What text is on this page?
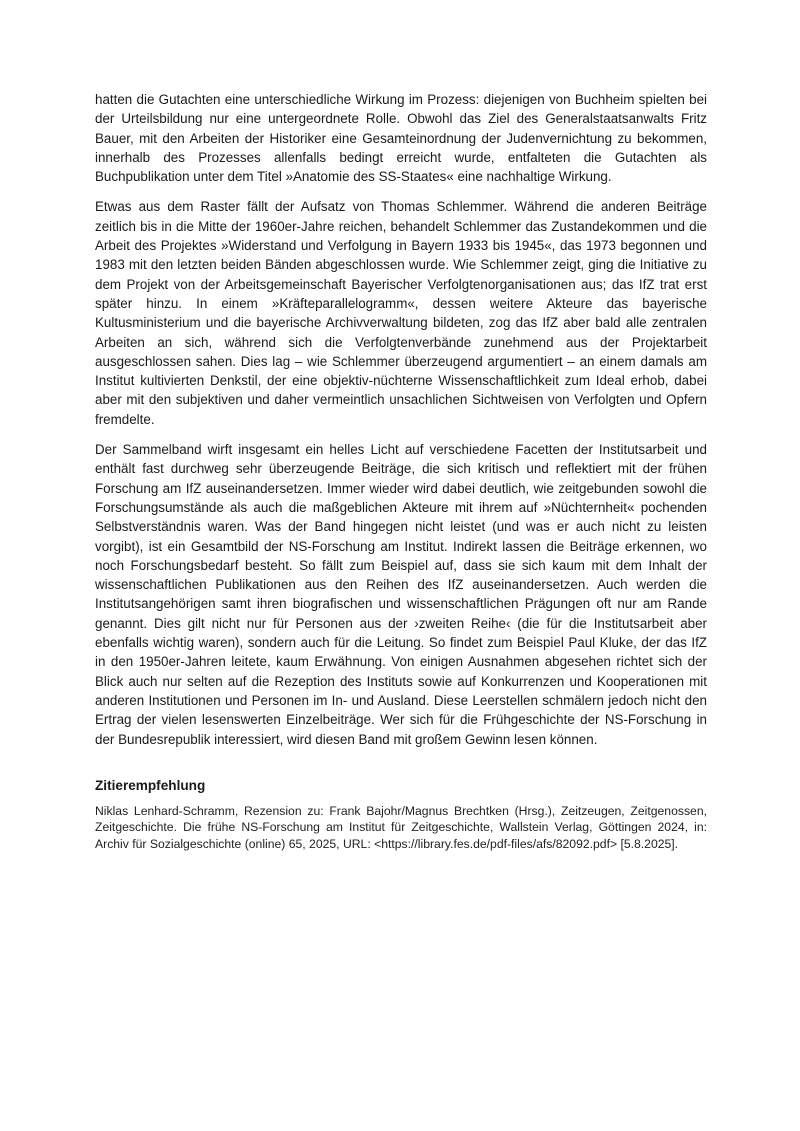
hatten die Gutachten eine unterschiedliche Wirkung im Prozess: diejenigen von Buchheim spielten bei der Urteilsbildung nur eine untergeordnete Rolle. Obwohl das Ziel des Generalstaatsanwalts Fritz Bauer, mit den Arbeiten der Historiker eine Gesamteinordnung der Judenvernichtung zu bekommen, innerhalb des Prozesses allenfalls bedingt erreicht wurde, entfalteten die Gutachten als Buchpublikation unter dem Titel »Anatomie des SS-Staates« eine nachhaltige Wirkung.

Etwas aus dem Raster fällt der Aufsatz von Thomas Schlemmer. Während die anderen Beiträge zeitlich bis in die Mitte der 1960er-Jahre reichen, behandelt Schlemmer das Zustandekommen und die Arbeit des Projektes »Widerstand und Verfolgung in Bayern 1933 bis 1945«, das 1973 begonnen und 1983 mit den letzten beiden Bänden abgeschlossen wurde. Wie Schlemmer zeigt, ging die Initiative zu dem Projekt von der Arbeitsgemeinschaft Bayerischer Verfolgtenorganisationen aus; das IfZ trat erst später hinzu. In einem »Kräfteparallelogramm«, dessen weitere Akteure das bayerische Kultusministerium und die bayerische Archivverwaltung bildeten, zog das IfZ aber bald alle zentralen Arbeiten an sich, während sich die Verfolgtenverbände zunehmend aus der Projektarbeit ausgeschlossen sahen. Dies lag – wie Schlemmer überzeugend argumentiert – an einem damals am Institut kultivierten Denkstil, der eine objektiv-nüchterne Wissenschaftlichkeit zum Ideal erhob, dabei aber mit den subjektiven und daher vermeintlich unsachlichen Sichtweisen von Verfolgten und Opfern fremdelte.

Der Sammelband wirft insgesamt ein helles Licht auf verschiedene Facetten der Institutsarbeit und enthält fast durchweg sehr überzeugende Beiträge, die sich kritisch und reflektiert mit der frühen Forschung am IfZ auseinandersetzen. Immer wieder wird dabei deutlich, wie zeitgebunden sowohl die Forschungsumstände als auch die maßgeblichen Akteure mit ihrem auf »Nüchternheit« pochenden Selbstverständnis waren. Was der Band hingegen nicht leistet (und was er auch nicht zu leisten vorgibt), ist ein Gesamtbild der NS-Forschung am Institut. Indirekt lassen die Beiträge erkennen, wo noch Forschungsbedarf besteht. So fällt zum Beispiel auf, dass sie sich kaum mit dem Inhalt der wissenschaftlichen Publikationen aus den Reihen des IfZ auseinandersetzen. Auch werden die Institutsangehörigen samt ihren biografischen und wissenschaftlichen Prägungen oft nur am Rande genannt. Dies gilt nicht nur für Personen aus der ›zweiten Reihe‹ (die für die Institutsarbeit aber ebenfalls wichtig waren), sondern auch für die Leitung. So findet zum Beispiel Paul Kluke, der das IfZ in den 1950er-Jahren leitete, kaum Erwähnung. Von einigen Ausnahmen abgesehen richtet sich der Blick auch nur selten auf die Rezeption des Instituts sowie auf Konkurrenzen und Kooperationen mit anderen Institutionen und Personen im In- und Ausland. Diese Leerstellen schmälern jedoch nicht den Ertrag der vielen lesenswerten Einzelbeiträge. Wer sich für die Frühgeschichte der NS-Forschung in der Bundesrepublik interessiert, wird diesen Band mit großem Gewinn lesen können.

Zitierempfehlung

Niklas Lenhard-Schramm, Rezension zu: Frank Bajohr/Magnus Brechtken (Hrsg.), Zeitzeugen, Zeitgenossen, Zeitgeschichte. Die frühe NS-Forschung am Institut für Zeitgeschichte, Wallstein Verlag, Göttingen 2024, in: Archiv für Sozialgeschichte (online) 65, 2025, URL: <https://library.fes.de/pdf-files/afs/82092.pdf> [5.8.2025].
